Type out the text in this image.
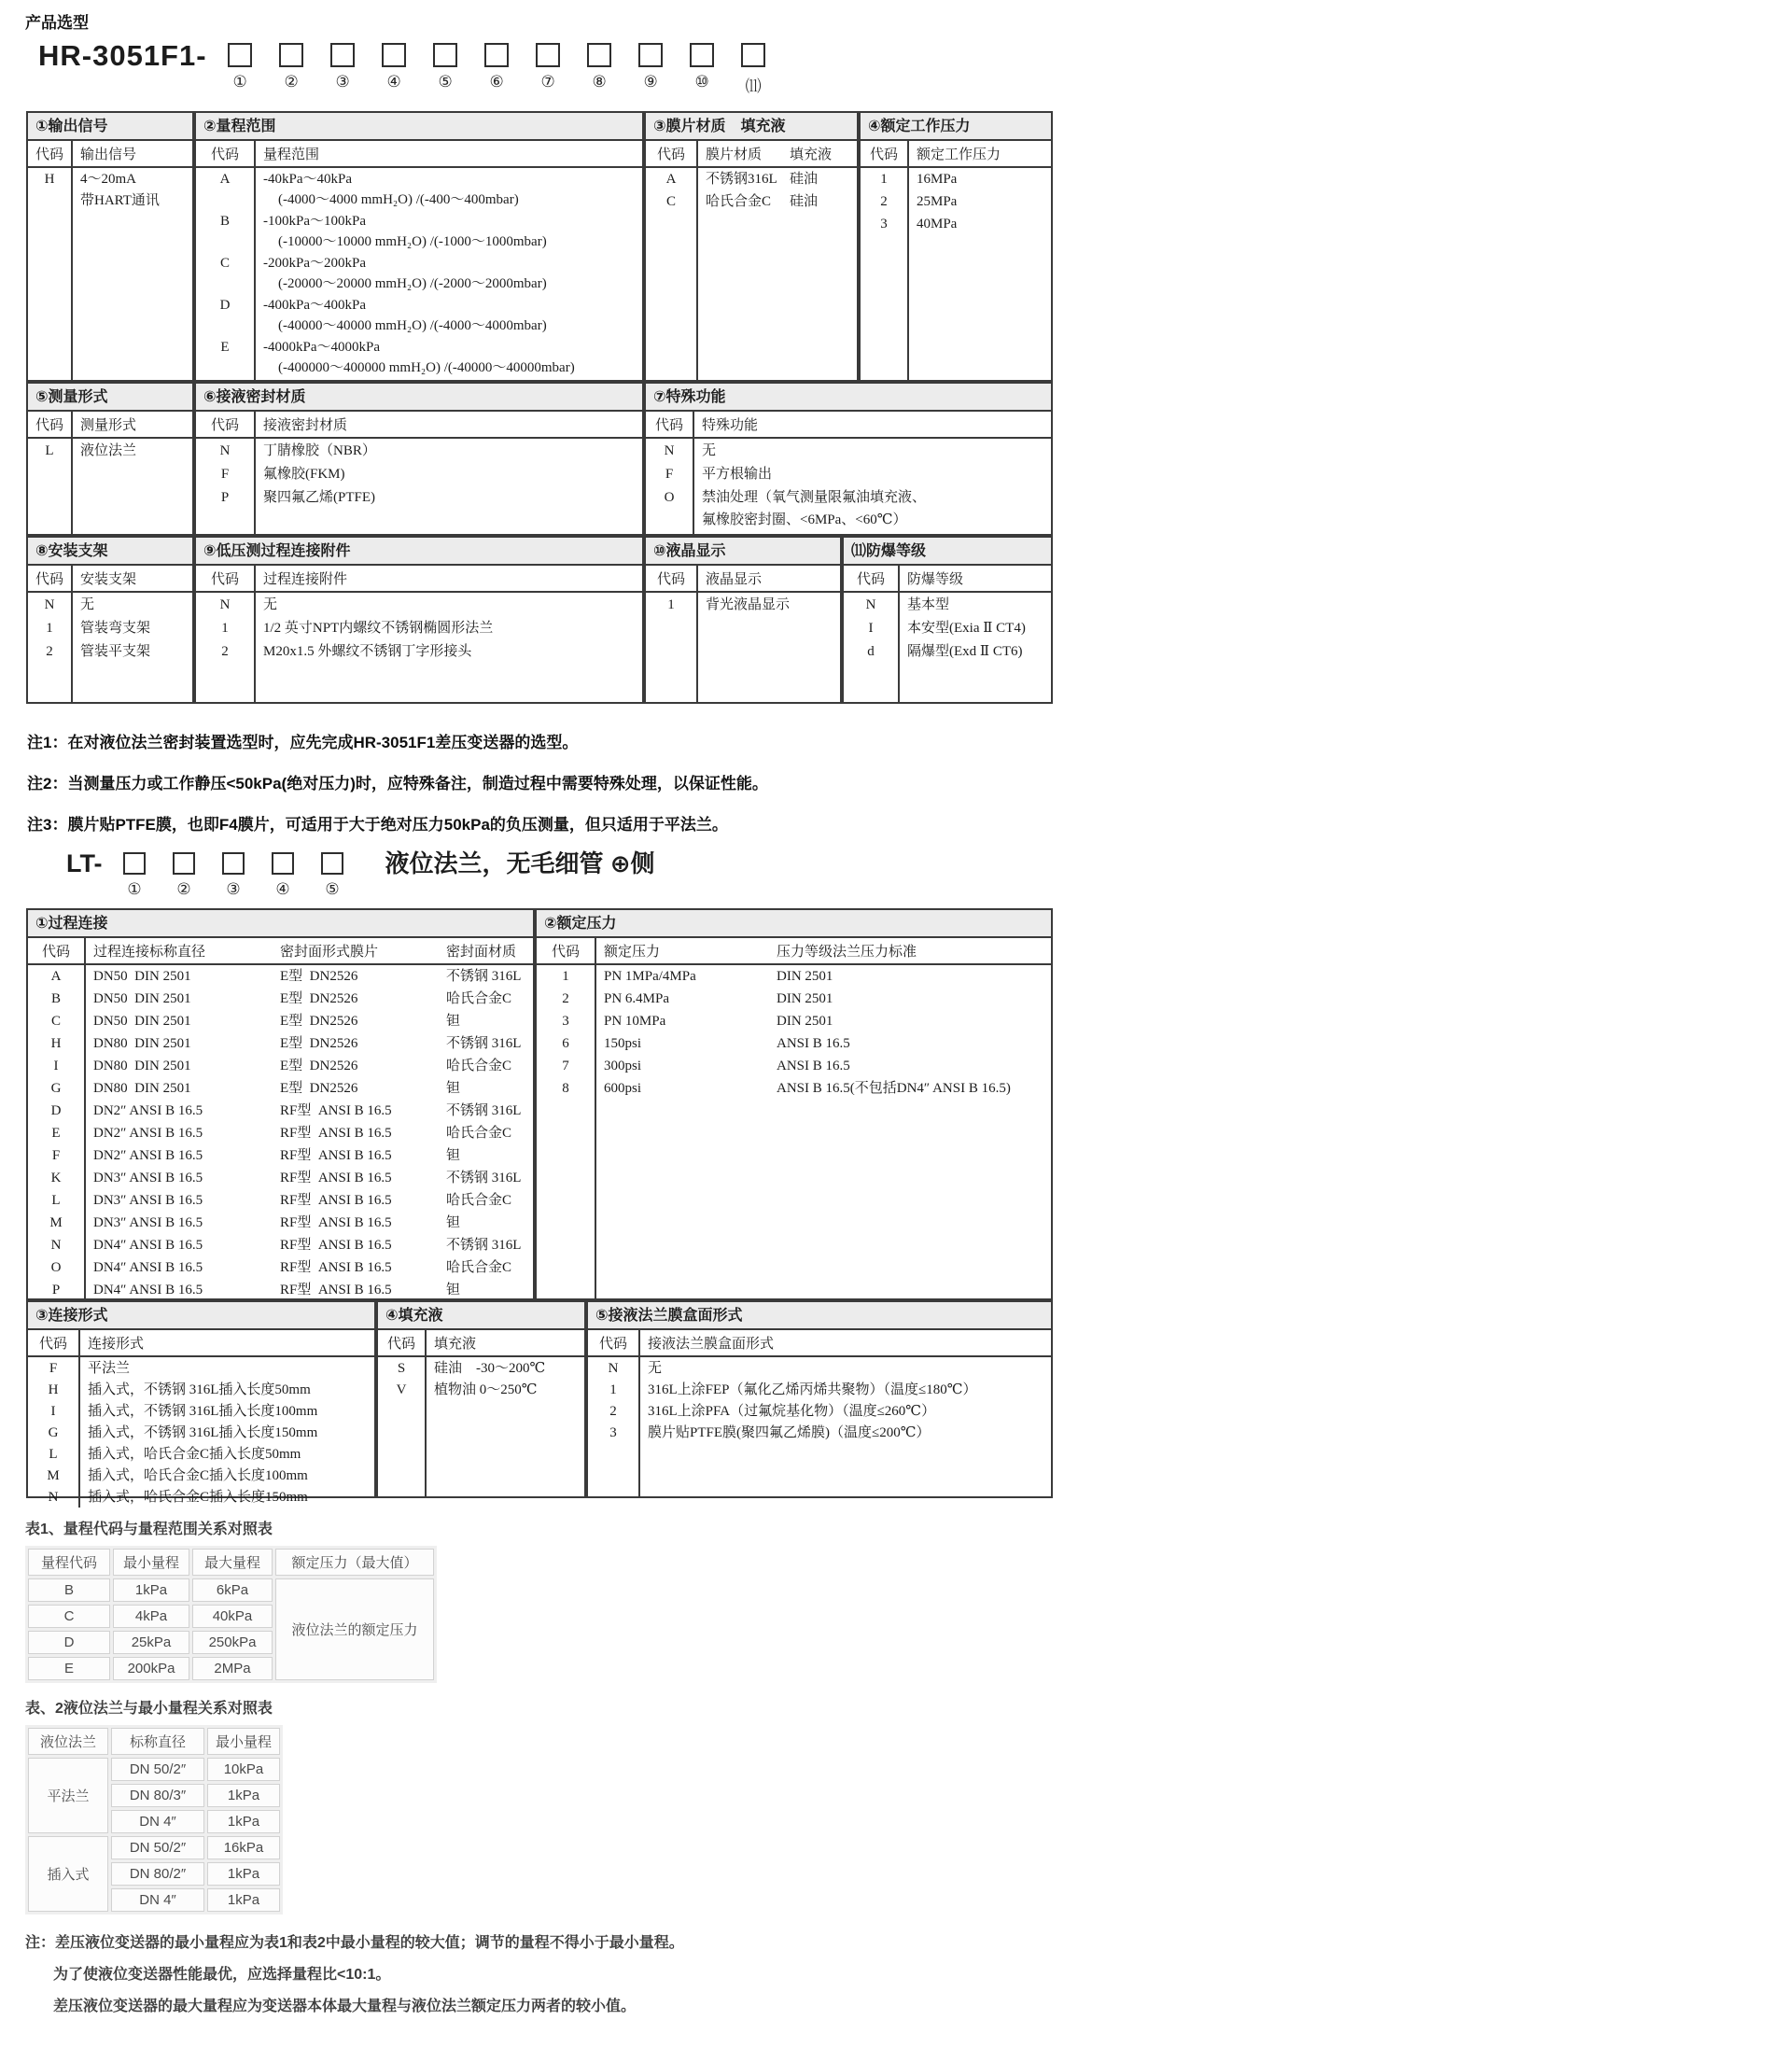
产品选型
HR-3051F1-
① ② ③ ④ ⑤ ⑥ ⑦ ⑧ ⑨ ⑩ ⑾
①输出信号
代码	输出信号
H	4～20mA
带HART通讯
②量程范围
代码	量程范围
A	-40kPa～40kPa
(-4000～4000 mmH₂O) /(-400～400mbar)
B	-100kPa～100kPa
(-10000～10000 mmH₂O) /(-1000～1000mbar)
C	-200kPa～200kPa
(-20000～20000 mmH₂O) /(-2000～2000mbar)
D	-400kPa～400kPa
(-40000～40000 mmH₂O) /(-4000～4000mbar)
E	-4000kPa～4000kPa
(-400000～400000 mmH₂O) /(-40000～40000mbar)
③膜片材质　填充液
代码	膜片材质	填充液
A	不锈钢316L 硅油
C	哈氏合金C	硅油
④额定工作压力
代码	额定工作压力
1	16MPa
2	25MPa
3	40MPa
⑤测量形式
代码	测量形式
L	液位法兰
⑥接液密封材质
代码	接液密封材质
N	丁腈橡胶（NBR）
F	氟橡胶(FKM)
P	聚四氟乙烯(PTFE)
⑦特殊功能
代码	特殊功能
N	无
F	平方根输出
O	禁油处理（氧气测量限氟油填充液、
氟橡胶密封圈、<6MPa、<60℃）
⑧安装支架
代码	安装支架
N	无
1	管装弯支架
2	管装平支架
⑨低压测过程连接附件
代码	过程连接附件
N	无
1	1/2 英寸NPT内螺纹不锈钢椭圆形法兰
2	M20x1.5 外螺纹不锈钢丁字形接头
⑩液晶显示
代码	液晶显示
1	背光液晶显示
⑾防爆等级
代码	防爆等级
N	基本型
I	本安型(Exia Ⅱ CT4)
d	隔爆型(Exd Ⅱ CT6)
注1：在对液位法兰密封装置选型时，应先完成HR-3051F1差压变送器的选型。
注2：当测量压力或工作静压<50kPa(绝对压力)时，应特殊备注，制造过程中需要特殊处理，以保证性能。
注3：膜片贴PTFE膜，也即F4膜片，可适用于大于绝对压力50kPa的负压测量，但只适用于平法兰。
LT-
① ② ③ ④ ⑤
液位法兰，无毛细管 ⊕侧
①过程连接
代码	过程连接标称直径	密封面形式膜片	密封面材质
A	DN50  DIN 2501	E型  DN2526	不锈钢 316L
B	DN50  DIN 2501	E型  DN2526	哈氏合金C
C	DN50  DIN 2501	E型  DN2526	钽
H	DN80  DIN 2501	E型  DN2526	不锈钢 316L
I	DN80  DIN 2501	E型  DN2526	哈氏合金C
G	DN80  DIN 2501	E型  DN2526	钽
D	DN2″ ANSI B 16.5	RF型  ANSI B 16.5	不锈钢 316L
E	DN2″ ANSI B 16.5	RF型  ANSI B 16.5	哈氏合金C
F	DN2″ ANSI B 16.5	RF型  ANSI B 16.5	钽
K	DN3″ ANSI B 16.5	RF型  ANSI B 16.5	不锈钢 316L
L	DN3″ ANSI B 16.5	RF型  ANSI B 16.5	哈氏合金C
M	DN3″ ANSI B 16.5	RF型  ANSI B 16.5	钽
N	DN4″ ANSI B 16.5	RF型  ANSI B 16.5	不锈钢 316L
O	DN4″ ANSI B 16.5	RF型  ANSI B 16.5	哈氏合金C
P	DN4″ ANSI B 16.5	RF型  ANSI B 16.5	钽
②额定压力
代码	额定压力	压力等级法兰压力标准
1	PN 1MPa/4MPa	DIN 2501
2	PN 6.4MPa	DIN 2501
3	PN 10MPa	DIN 2501
6	150psi	ANSI B 16.5
7	300psi	ANSI B 16.5
8	600psi	ANSI B 16.5(不包括DN4″ ANSI B 16.5)
③连接形式
代码	连接形式
F	平法兰
H	插入式，不锈钢 316L插入长度50mm
I	插入式，不锈钢 316L插入长度100mm
G	插入式，不锈钢 316L插入长度150mm
L	插入式，哈氏合金C插入长度50mm
M	插入式，哈氏合金C插入长度100mm
N	插入式，哈氏合金C插入长度150mm
④填充液
代码	填充液
S	硅油　-30～200℃
V	植物油 0～250℃
⑤接液法兰膜盒面形式
代码	接液法兰膜盒面形式
N	无
1	316L上涂FEP（氟化乙烯丙烯共聚物）（温度≤180℃）
2	316L上涂PFA（过氟烷基化物）（温度≤260℃）
3	膜片贴PTFE膜(聚四氟乙烯膜)（温度≤200℃）
表1、量程代码与量程范围关系对照表
量程代码	最小量程	最大量程	额定压力（最大值）
B	1kPa	6kPa	液位法兰的额定压力
C	4kPa	40kPa	
D	25kPa	250kPa	
E	200kPa	2MPa	
表、2液位法兰与最小量程关系对照表
液位法兰	标称直径	最小量程
平法兰	DN 50/2″	10kPa
	DN 80/3″	1kPa
	DN 4″	1kPa
插入式	DN 50/2″	16kPa
	DN 80/2″	1kPa
	DN 4″	1kPa
注：差压液位变送器的最小量程应为表1和表2中最小量程的较大值；调节的量程不得小于最小量程。
为了使液位变送器性能最优，应选择量程比<10:1。
差压液位变送器的最大量程应为变送器本体最大量程与液位法兰额定压力两者的较小值。
